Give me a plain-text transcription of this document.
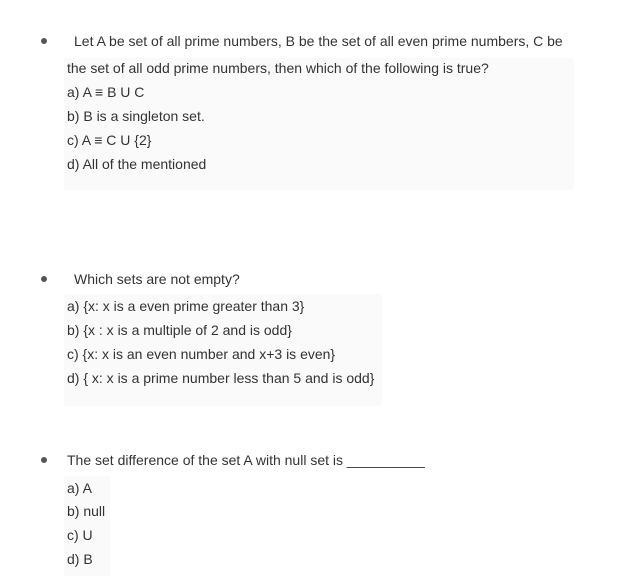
Let A be set of all prime numbers, B be the set of all even prime numbers, C be
the set of all odd prime numbers, then which of the following is true?
a) A ≡ B U C
b) B is a singleton set.
c) A ≡ C U {2}
d) All of the mentioned
Which sets are not empty?
a) {x: x is a even prime greater than 3}
b) {x : x is a multiple of 2 and is odd}
c) {x: x is an even number and x+3 is even}
d) { x: x is a prime number less than 5 and is odd}
The set difference of the set A with null set is __________
a) A
b) null
c) U
d) B
